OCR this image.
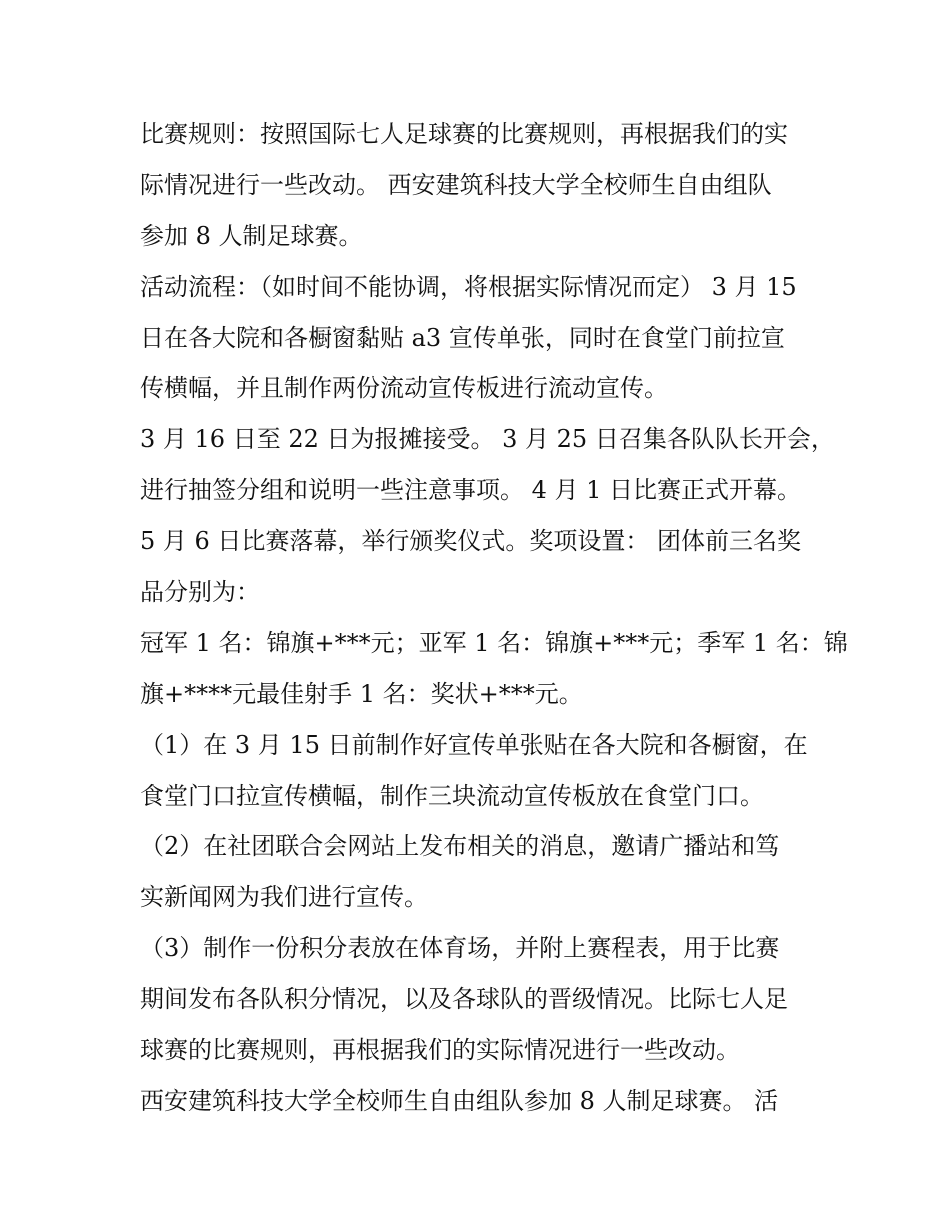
比赛规则：按照国际七人足球赛的比赛规则，再根据我们的实
际情况进行一些改动。 西安建筑科技大学全校师生自由组队
参加 8 人制足球赛。
活动流程：（如时间不能协调，将根据实际情况而定） 3 月 15
日在各大院和各橱窗黏贴 a3 宣传单张，同时在食堂门前拉宣
传横幅，并且制作两份流动宣传板进行流动宣传。
3 月 16 日至 22 日为报摊接受。 3 月 25 日召集各队队长开会，
进行抽签分组和说明一些注意事项。 4 月 1 日比赛正式开幕。
5 月 6 日比赛落幕，举行颁奖仪式。奖项设置： 团体前三名奖
品分别为：
冠军 1 名：锦旗+***元；亚军 1 名：锦旗+***元；季军 1 名：锦
旗+****元最佳射手 1 名：奖状+***元。
（1）在 3 月 15 日前制作好宣传单张贴在各大院和各橱窗，在
食堂门口拉宣传横幅，制作三块流动宣传板放在食堂门口。
（2）在社团联合会网站上发布相关的消息，邀请广播站和笃
实新闻网为我们进行宣传。
（3）制作一份积分表放在体育场，并附上赛程表，用于比赛
期间发布各队积分情况，以及各球队的晋级情况。比际七人足
球赛的比赛规则，再根据我们的实际情况进行一些改动。
西安建筑科技大学全校师生自由组队参加 8 人制足球赛。 活
